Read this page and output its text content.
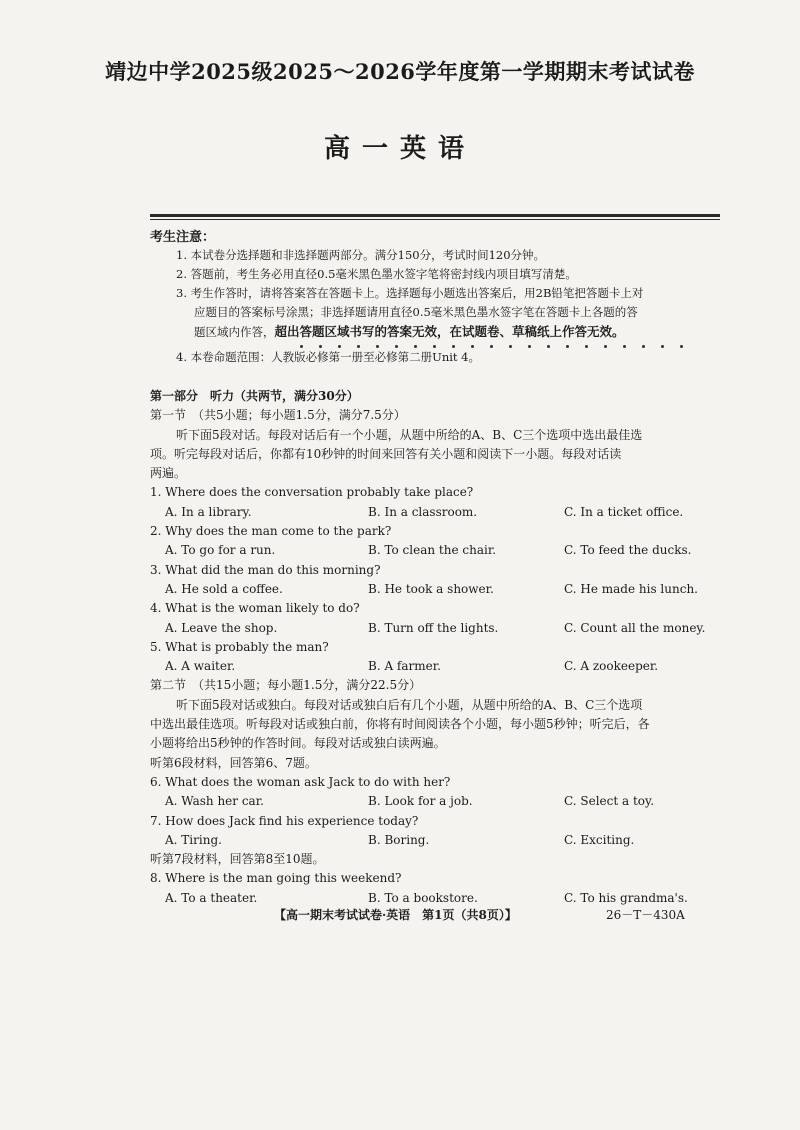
靖边中学2025级2025～2026学年度第一学期期末考试试卷
高一英语
考生注意：

1. 本试卷分选择题和非选择题两部分。满分150分，考试时间120分钟。

2. 答题前，考生务必用直径0.5毫米黑色墨水签字笔将密封线内项目填写清楚。

3. 考生作答时，请将答案答在答题卡上。选择题每小题选出答案后，用2B铅笔把答题卡上对

应题目的答案标号涂黑；非选择题请用直径0.5毫米黑色墨水签字笔在答题卡上各题的答

题区域内作答，超出答题区域书写的答案无效，在试题卷、草稿纸上作答无效。

4. 本卷命题范围：人教版必修第一册至必修第二册Unit 4。

第一部分　听力（共两节，满分30分）

第一节　（共5小题；每小题1.5分，满分7.5分）

听下面5段对话。每段对话后有一个小题，从题中所给的A、B、C三个选项中选出最佳选

项。听完每段对话后，你都有10秒钟的时间来回答有关小题和阅读下一小题。每段对话读

两遍。

1. Where does the conversation probably take place?

A. In a library.	B. In a classroom.	C. In a ticket office.

2. Why does the man come to the park?

A. To go for a run.	B. To clean the chair.	C. To feed the ducks.

3. What did the man do this morning?

A. He sold a coffee.	B. He took a shower.	C. He made his lunch.

4. What is the woman likely to do?

A. Leave the shop.	B. Turn off the lights.	C. Count all the money.

5. What is probably the man?

A. A waiter.	B. A farmer.	C. A zookeeper.

第二节　（共15小题；每小题1.5分，满分22.5分）

听下面5段对话或独白。每段对话或独白后有几个小题，从题中所给的A、B、C三个选项

中选出最佳选项。听每段对话或独白前，你将有时间阅读各个小题，每小题5秒钟；听完后，各

小题将给出5秒钟的作答时间。每段对话或独白读两遍。

听第6段材料，回答第6、7题。

6. What does the woman ask Jack to do with her?

A. Wash her car.	B. Look for a job.	C. Select a toy.

7. How does Jack find his experience today?

A. Tiring.	B. Boring.	C. Exciting.

听第7段材料，回答第8至10题。

8. Where is the man going this weekend?

A. To a theater.	B. To a bookstore.	C. To his grandma's.
【高一期末考试试卷·英语　第1页（共8页）】	26－T－430A
